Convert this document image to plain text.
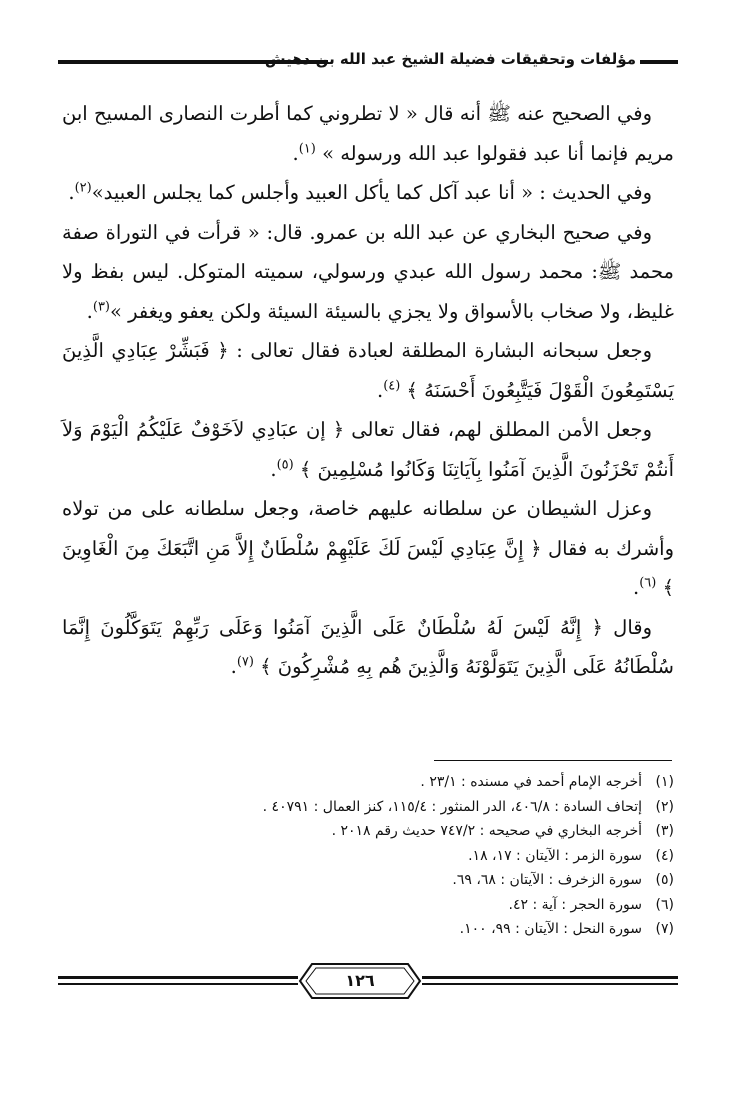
مؤلفات وتحقيقات فضيلة الشيخ عبد الله بن دهيش

وفي الصحيح عنه ﷺ أنه قال « لا تطروني كما أطرت النصارى المسيح ابن مريم فإنما أنا عبد فقولوا عبد الله ورسوله » $^{(١)}$.

وفي الحديث : « أنا عبد آكل كما يأكل العبيد وأجلس كما يجلس العبيد»$^{(٢)}$.

وفي صحيح البخاري عن عبد الله بن عمرو. قال: « قرأت في التوراة صفة محمد ﷺ: محمد رسول الله عبدي ورسولي، سميته المتوكل. ليس بفظ ولا غليظ، ولا صخاب بالأسواق ولا يجزي بالسيئة السيئة ولكن يعفو ويغفر »$^{(٣)}$.

وجعل سبحانه البشارة المطلقة لعبادة فقال تعالى : ﴿ فَبَشِّرْ عِبَادِي الَّذِينَ يَسْتَمِعُونَ الْقَوْلَ فَيَتَّبِعُونَ أَحْسَنَهُ ﴾ $^{(٤)}$.

وجعل الأمن المطلق لهم، فقال تعالى ﴿ إن عبَادِي لاَخَوْفٌ عَلَيْكُمُ الْيَوْمَ وَلاَ أَنتُمْ تَحْزَنُونَ الَّذِينَ آمَنُوا بِآيَاتِنَا وَكَانُوا مُسْلِمِينَ ﴾ $^{(٥)}$.

وعزل الشيطان عن سلطانه عليهم خاصة، وجعل سلطانه على من تولاه وأشرك به فقال ﴿ إِنَّ عِبَادِي لَيْسَ لَكَ عَلَيْهِمْ سُلْطَانٌ إِلاَّ مَنِ اتَّبَعَكَ مِنَ الْغَاوِينَ ﴾ $^{(٦)}$.

وقال ﴿ إِنَّهُ لَيْسَ لَهُ سُلْطَانٌ عَلَى الَّذِينَ آمَنُوا وَعَلَى رَبِّهِمْ يَتَوَكَّلُونَ إِنَّمَا سُلْطَانُهُ عَلَى الَّذِينَ يَتَوَلَّوْنَهُ وَالَّذِينَ هُم بِهِ مُشْرِكُونَ ﴾ $^{(٧)}$.

(١)
أخرجه الإمام أحمد في مسنده : ٢٣/١ .
(٢)
إتحاف السادة : ٤٠٦/٨، الدر المنثور : ١١٥/٤، كنز العمال : ٤٠٧٩١ .
(٣)
أخرجه البخاري في صحيحه : ٧٤٧/٢ حديث رقم ٢٠١٨ .
(٤)
سورة الزمر : الآيتان : ١٧، ١٨.
(٥)
سورة الزخرف : الآيتان : ٦٨، ٦٩.
(٦)
سورة الحجر : آية : ٤٢.
(٧)
سورة النحل : الآيتان : ٩٩، ١٠٠.
١٢٦
